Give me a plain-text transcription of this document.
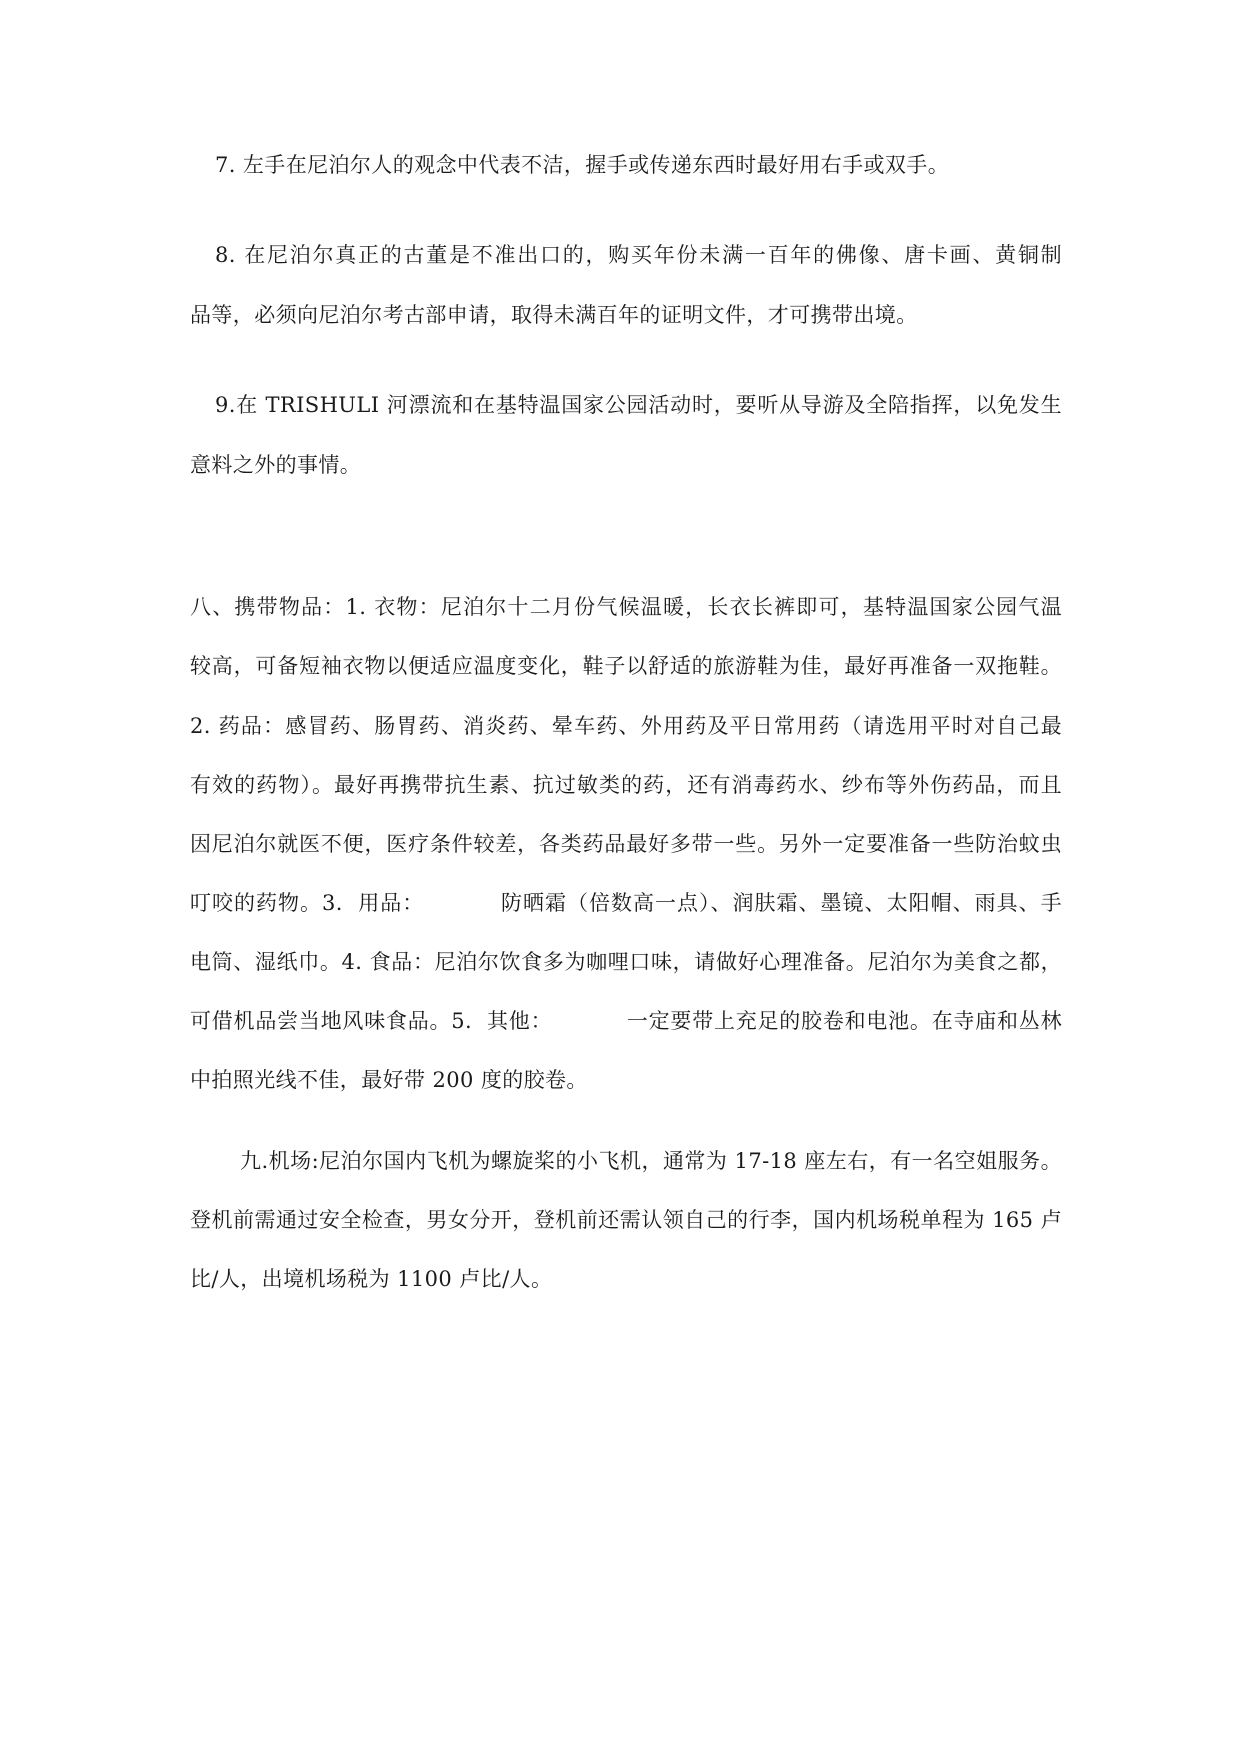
7. 左手在尼泊尔人的观念中代表不洁，握手或传递东西时最好用右手或双手。
8. 在尼泊尔真正的古董是不准出口的，购买年份未满一百年的佛像、唐卡画、黄铜制
品等，必须向尼泊尔考古部申请，取得未满百年的证明文件，才可携带出境。
9.在 TRISHULI 河漂流和在基特温国家公园活动时，要听从导游及全陪指挥，以免发生
意料之外的事情。
八、携带物品：1. 衣物：尼泊尔十二月份气候温暖，长衣长裤即可，基特温国家公园气温
较高，可备短袖衣物以便适应温度变化，鞋子以舒适的旅游鞋为佳，最好再准备一双拖鞋。
2. 药品：感冒药、肠胃药、消炎药、晕车药、外用药及平日常用药（请选用平时对自己最
有效的药物）。最好再携带抗生素、抗过敏类的药，还有消毒药水、纱布等外伤药品，而且
因尼泊尔就医不便，医疗条件较差，各类药品最好多带一些。另外一定要准备一些防治蚊虫
叮咬的药物。3.  用品：          防晒霜（倍数高一点）、润肤霜、墨镜、太阳帽、雨具、手
电筒、湿纸巾。4. 食品：尼泊尔饮食多为咖哩口味，请做好心理准备。尼泊尔为美食之都，
可借机品尝当地风味食品。5.  其他：          一定要带上充足的胶卷和电池。在寺庙和丛林
中拍照光线不佳，最好带 200 度的胶卷。
九.机场:尼泊尔国内飞机为螺旋桨的小飞机，通常为 17-18 座左右，有一名空姐服务。
登机前需通过安全检查，男女分开，登机前还需认领自己的行李，国内机场税单程为 165 卢
比/人，出境机场税为 1100 卢比/人。
